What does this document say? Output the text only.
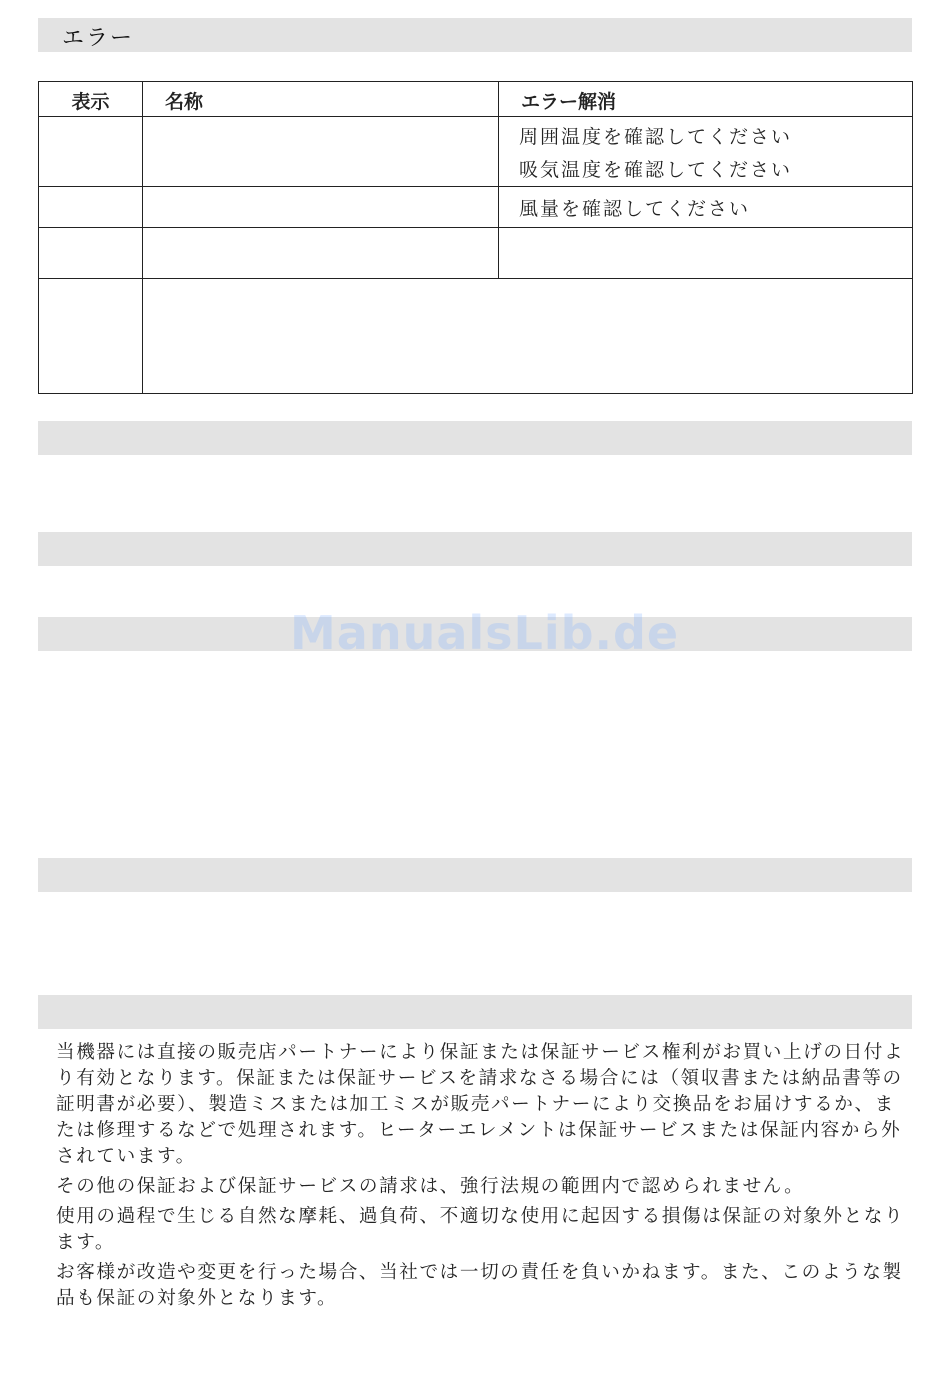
エラー
表示	名称	エラー解消

		周囲温度を確認してください
吸気温度を確認してください

		風量を確認してください

ManualsLib.de

当機器には直接の販売店パートナーにより保証または保証サービス権利がお買い上げの日付より有効となります。保証または保証サービスを請求なさる場合には（領収書または納品書等の証明書が必要）、製造ミスまたは加工ミスが販売パートナーにより交換品をお届けするか、または修理するなどで処理されます。ヒーターエレメントは保証サービスまたは保証内容から外されています。

その他の保証および保証サービスの請求は、強行法規の範囲内で認められません。

使用の過程で生じる自然な摩耗、過負荷、不適切な使用に起因する損傷は保証の対象外となります。

お客様が改造や変更を行った場合、当社では一切の責任を負いかねます。また、このような製品も保証の対象外となります。
